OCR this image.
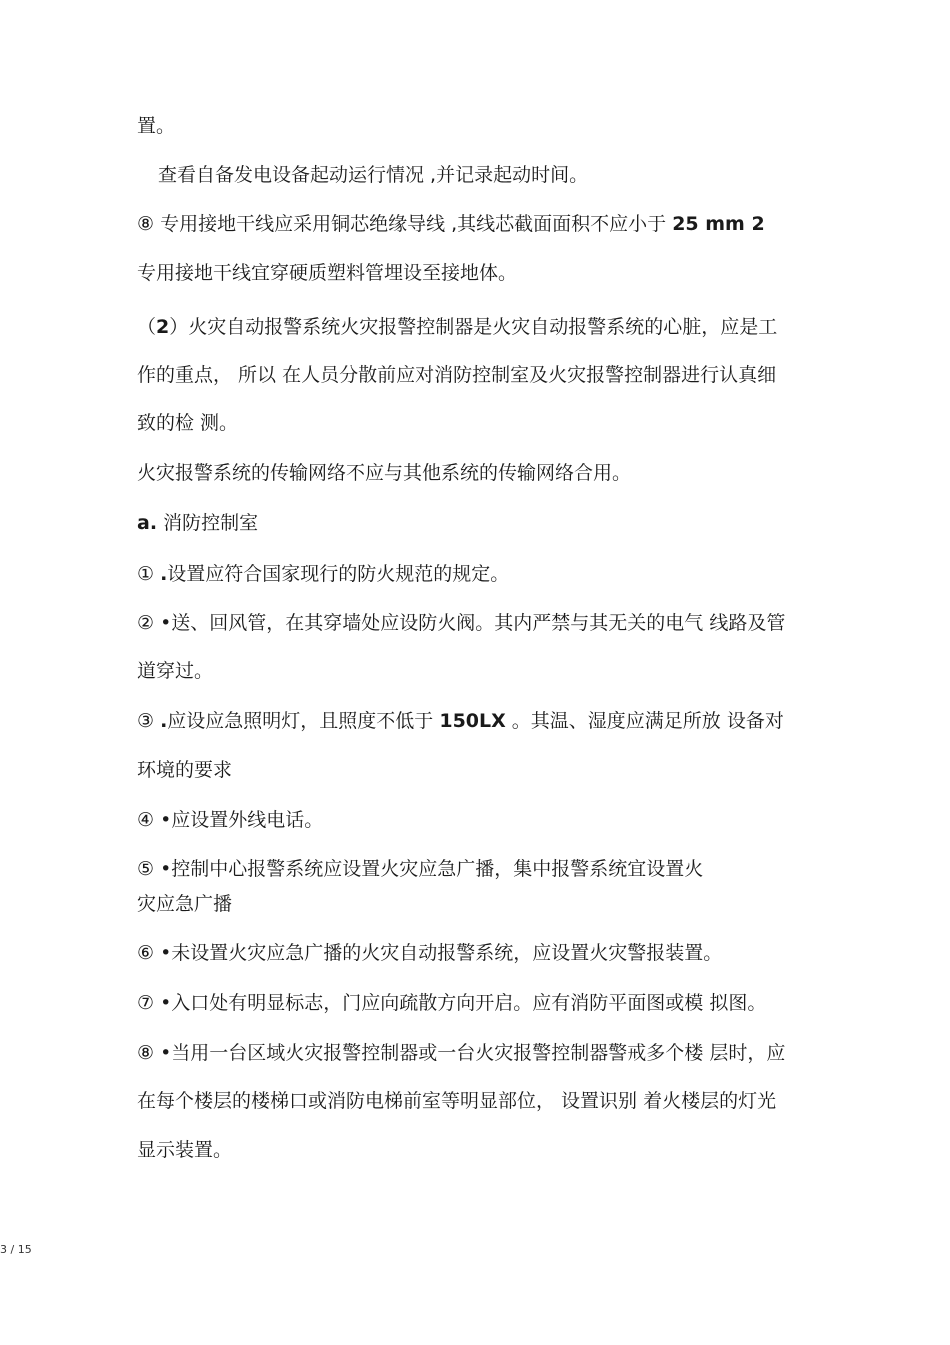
置。
查看自备发电设备起动运行情况 ,并记录起动时间。
⑧ 专用接地干线应采用铜芯绝缘导线 ,其线芯截面面积不应小于 25 mm 2
专用接地干线宜穿硬质塑料管埋设至接地体。
（2）火灾自动报警系统火灾报警控制器是火灾自动报警系统的心脏，应是工
作的重点， 所以 在人员分散前应对消防控制室及火灾报警控制器进行认真细
致的检 测。
火灾报警系统的传输网络不应与其他系统的传输网络合用。
a. 消防控制室
① .设置应符合国家现行的防火规范的规定。
② •送、回风管，在其穿墙处应设防火阀。其内严禁与其无关的电气 线路及管
道穿过。
③ .应设应急照明灯，且照度不低于 150LX 。其温、湿度应满足所放 设备对
环境的要求
④ •应设置外线电话。
⑤ •控制中心报警系统应设置火灾应急广播，集中报警系统宜设置火
灾应急广播
⑥ •未设置火灾应急广播的火灾自动报警系统，应设置火灾警报装置。
⑦ •入口处有明显标志，门应向疏散方向开启。应有消防平面图或模 拟图。
⑧ •当用一台区域火灾报警控制器或一台火灾报警控制器警戒多个楼 层时，应
在每个楼层的楼梯口或消防电梯前室等明显部位， 设置识别 着火楼层的灯光
显示装置。
3 / 15
